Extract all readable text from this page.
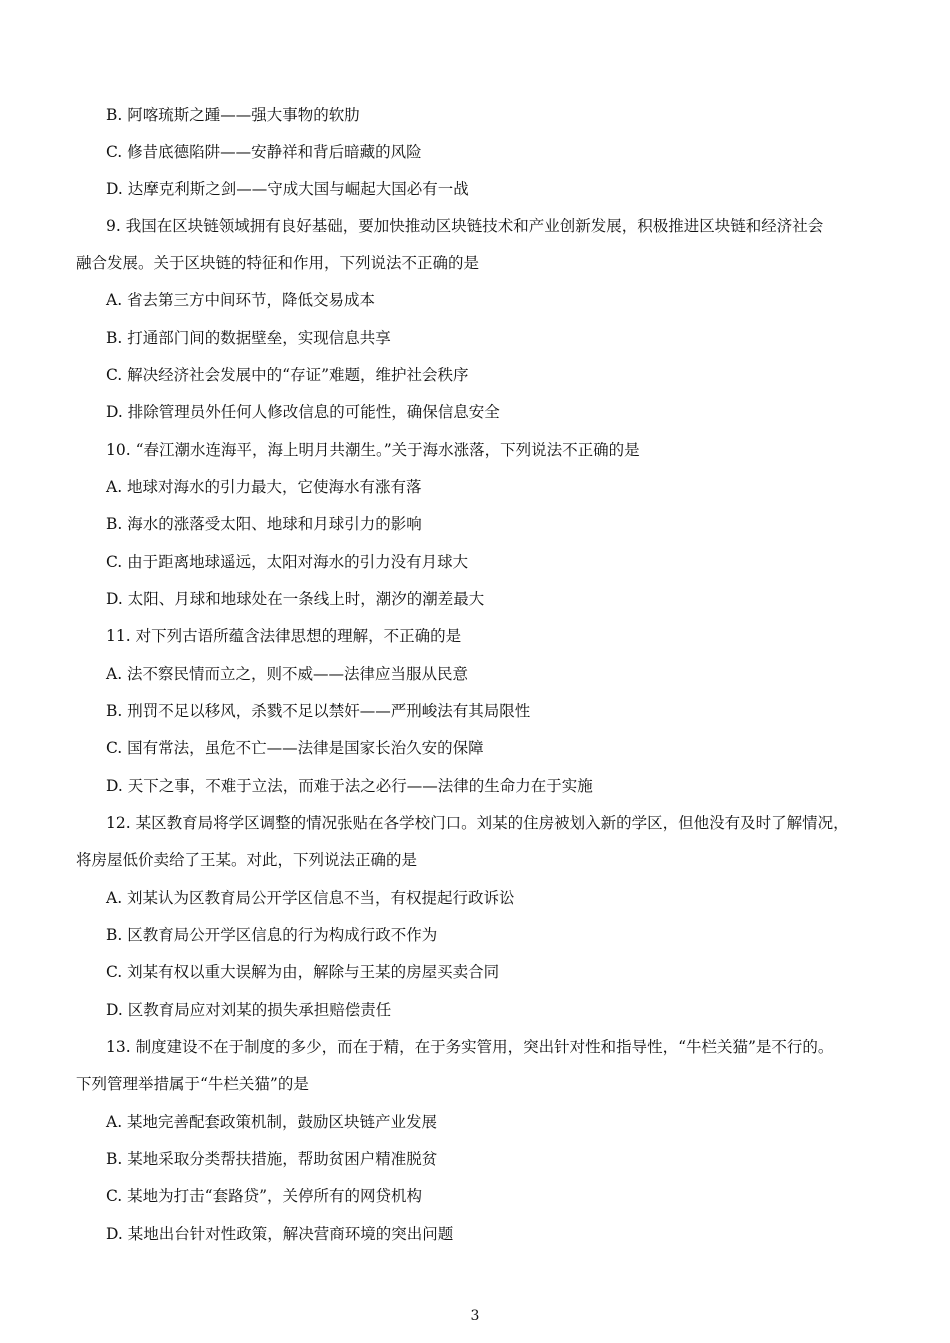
B. 阿喀琉斯之踵——强大事物的软肋
C. 修昔底德陷阱——安静祥和背后暗藏的风险
D. 达摩克利斯之剑——守成大国与崛起大国必有一战
9. 我国在区块链领域拥有良好基础，要加快推动区块链技术和产业创新发展，积极推进区块链和经济社会
融合发展。关于区块链的特征和作用，下列说法不正确的是
A. 省去第三方中间环节，降低交易成本
B. 打通部门间的数据壁垒，实现信息共享
C. 解决经济社会发展中的“存证”难题，维护社会秩序
D. 排除管理员外任何人修改信息的可能性，确保信息安全
10. “春江潮水连海平，海上明月共潮生。”关于海水涨落，下列说法不正确的是
A. 地球对海水的引力最大，它使海水有涨有落
B. 海水的涨落受太阳、地球和月球引力的影响
C. 由于距离地球遥远，太阳对海水的引力没有月球大
D. 太阳、月球和地球处在一条线上时，潮汐的潮差最大
11. 对下列古语所蕴含法律思想的理解，不正确的是
A. 法不察民情而立之，则不威——法律应当服从民意
B. 刑罚不足以移风，杀戮不足以禁奸——严刑峻法有其局限性
C. 国有常法，虽危不亡——法律是国家长治久安的保障
D. 天下之事，不难于立法，而难于法之必行——法律的生命力在于实施
12. 某区教育局将学区调整的情况张贴在各学校门口。刘某的住房被划入新的学区，但他没有及时了解情况，
将房屋低价卖给了王某。对此，下列说法正确的是
A. 刘某认为区教育局公开学区信息不当，有权提起行政诉讼
B. 区教育局公开学区信息的行为构成行政不作为
C. 刘某有权以重大误解为由，解除与王某的房屋买卖合同
D. 区教育局应对刘某的损失承担赔偿责任
13. 制度建设不在于制度的多少，而在于精，在于务实管用，突出针对性和指导性，“牛栏关猫”是不行的。
下列管理举措属于“牛栏关猫”的是
A. 某地完善配套政策机制，鼓励区块链产业发展
B. 某地采取分类帮扶措施，帮助贫困户精准脱贫
C. 某地为打击“套路贷”，关停所有的网贷机构
D. 某地出台针对性政策，解决营商环境的突出问题
3
